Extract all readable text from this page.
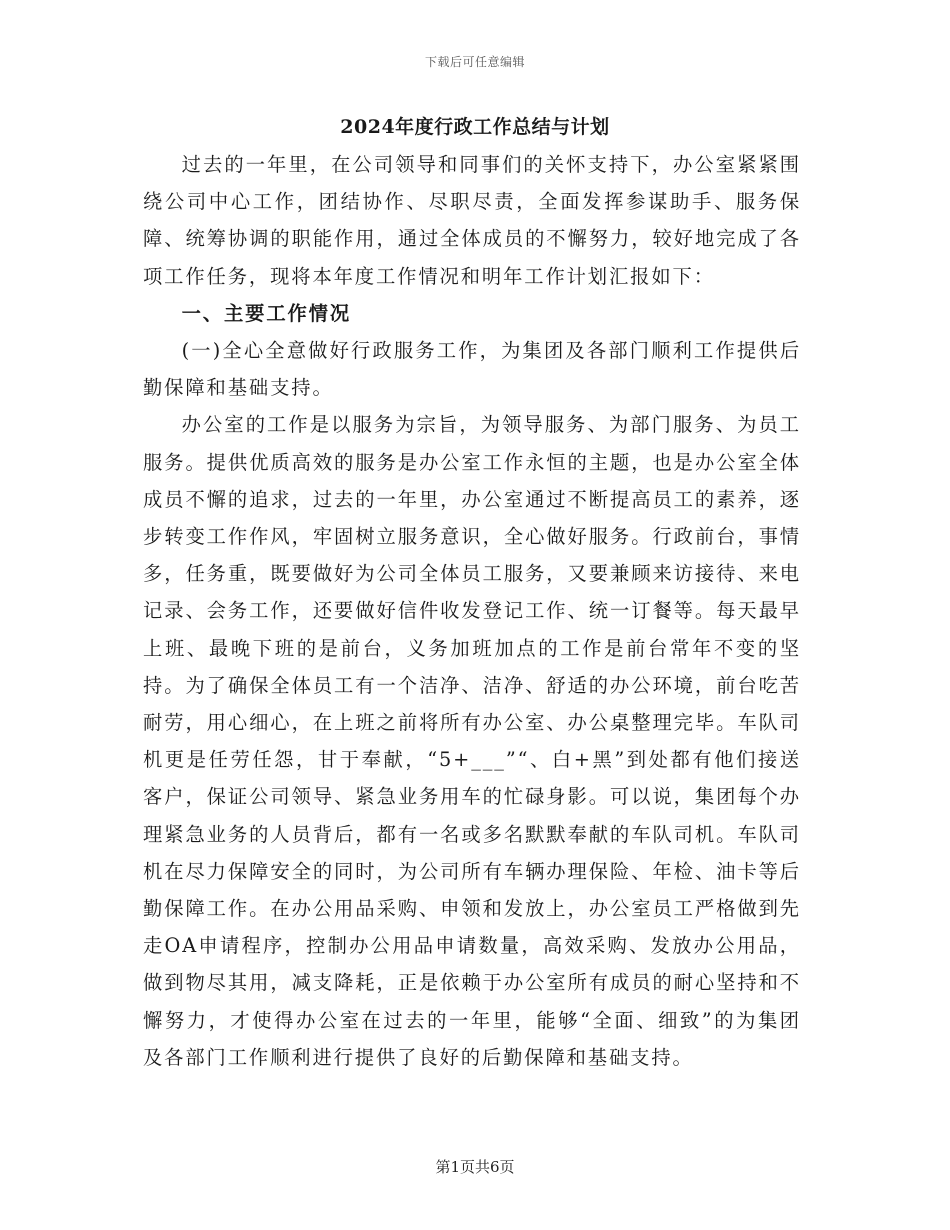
下载后可任意编辑
2024年度行政工作总结与计划

过去的一年里，在公司领导和同事们的关怀支持下，办公室紧紧围绕公司中心工作，团结协作、尽职尽责，全面发挥参谋助手、服务保障、统筹协调的职能作用，通过全体成员的不懈努力，较好地完成了各项工作任务，现将本年度工作情况和明年工作计划汇报如下：

一、主要工作情况

(一)全心全意做好行政服务工作，为集团及各部门顺利工作提供后勤保障和基础支持。

办公室的工作是以服务为宗旨，为领导服务、为部门服务、为员工服务。提供优质高效的服务是办公室工作永恒的主题，也是办公室全体成员不懈的追求，过去的一年里，办公室通过不断提高员工的素养，逐步转变工作作风，牢固树立服务意识，全心做好服务。行政前台，事情多，任务重，既要做好为公司全体员工服务，又要兼顾来访接待、来电记录、会务工作，还要做好信件收发登记工作、统一订餐等。每天最早上班、最晚下班的是前台，义务加班加点的工作是前台常年不变的坚持。为了确保全体员工有一个洁净、洁净、舒适的办公环境，前台吃苦耐劳，用心细心，在上班之前将所有办公室、办公桌整理完毕。车队司机更是任劳任怨，甘于奉献，“5+___”“、白+黑”到处都有他们接送客户，保证公司领导、紧急业务用车的忙碌身影。可以说，集团每个办理紧急业务的人员背后，都有一名或多名默默奉献的车队司机。车队司机在尽力保障安全的同时，为公司所有车辆办理保险、年检、油卡等后勤保障工作。在办公用品采购、申领和发放上，办公室员工严格做到先走OA申请程序，控制办公用品申请数量，高效采购、发放办公用品，做到物尽其用，减支降耗，正是依赖于办公室所有成员的耐心坚持和不懈努力，才使得办公室在过去的一年里，能够“全面、细致”的为集团及各部门工作顺利进行提供了良好的后勤保障和基础支持。

第1页共6页
